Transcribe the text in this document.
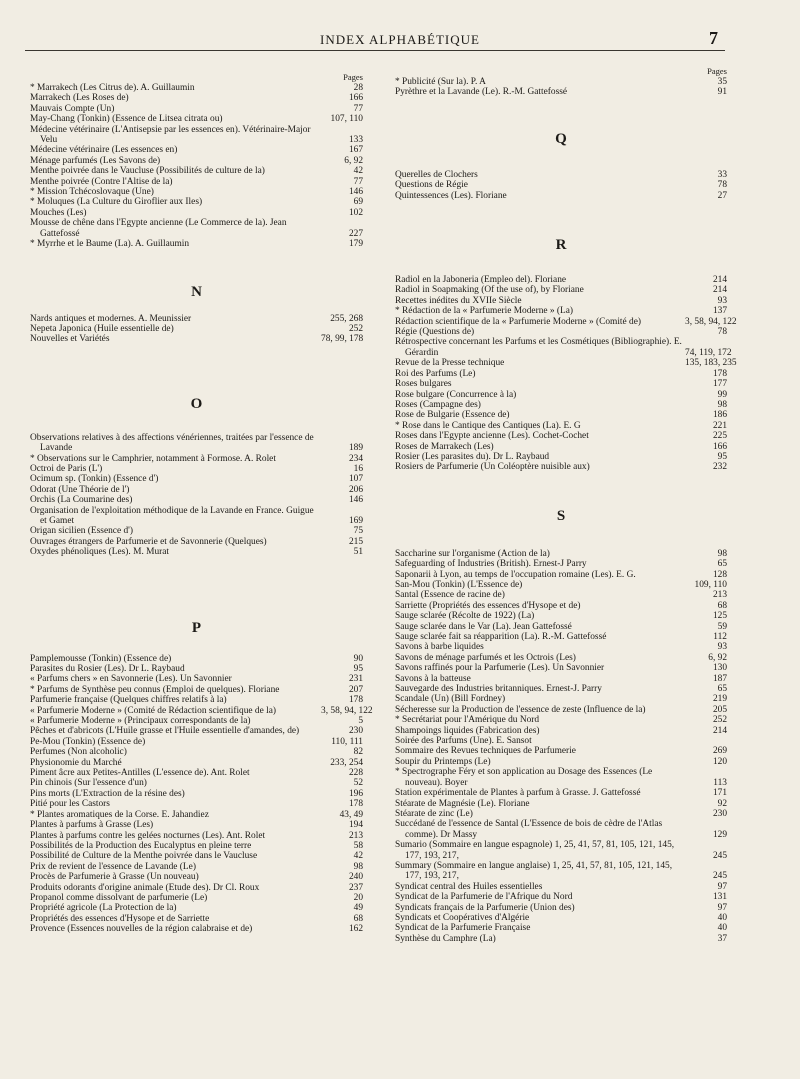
INDEX ALPHABÉTIQUE	7
Pages
* Marrakech (Les Citrus de). A. Guillaumin	28
Marrakech (Les Roses de)	166
Mauvais Compte (Un)	77
May-Chang (Tonkin) (Essence de Litsea citrata ou)	107, 110
Médecine vétérinaire (L'Antisepsie par les essences en). Vétérinaire-Major Velu	133
Médecine vétérinaire (Les essences en)	167
Ménage parfumés (Les Savons de)	6, 92
Menthe poivrée dans le Vaucluse (Possibilités de culture de la)	42
Menthe poivrée (Contre l'Altise de la)	77
* Mission Tchécoslovaque (Une)	146
* Moluques (La Culture du Giroflier aux Iles)	69
Mouches (Les)	102
Mousse de chêne dans l'Egypte ancienne (Le Commerce de la). Jean Gattefossé	227
* Myrrhe et le Baume (La). A. Guillaumin	179
N
Nards antiques et modernes. A. Meunissier	255, 268
Nepeta Japonica (Huile essentielle de)	252
Nouvelles et Variétés	78, 99, 178
O
Observations relatives à des affections vénériennes, traitées par l'essence de Lavande	189
* Observations sur le Camphrier, notamment à Formose. A. Rolet	234
Octroi de Paris (L')	16
Ocimum sp. (Tonkin) (Essence d')	107
Odorat (Une Théorie de l')	206
Orchis (La Coumarine des)	146
Organisation de l'exploitation méthodique de la Lavande en France. Guigue et Gamet	169
Origan sicilien (Essence d')	75
Ouvrages étrangers de Parfumerie et de Savonnerie (Quelques)	215
Oxydes phénoliques (Les). M. Murat	51
P
Pamplemousse (Tonkin) (Essence de)	90
Parasites du Rosier (Les). Dr L. Raybaud	95
« Parfums chers » en Savonnerie (Les). Un Savonnier	231
* Parfums de Synthèse peu connus (Emploi de quelques). Floriane	207
Parfumerie française (Quelques chiffres relatifs à la)	178
« Parfumerie Moderne » (Comité de Rédaction scientifique de la)	3, 58, 94, 122
« Parfumerie Moderne » (Principaux correspondants de la)	5
Pêches et d'abricots (L'Huile grasse et l'Huile essentielle d'amandes, de)	230
Pe-Mou (Tonkin) (Essence de)	110, 111
Perfumes (Non alcoholic)	82
Physionomie du Marché	233, 254
Piment âcre aux Petites-Antilles (L'essence de). Ant. Rolet	228
Pin chinois (Sur l'essence d'un)	52
Pins morts (L'Extraction de la résine des)	196
Pitié pour les Castors	178
* Plantes aromatiques de la Corse. E. Jahandiez	43, 49
Plantes à parfums à Grasse (Les)	194
Plantes à parfums contre les gelées nocturnes (Les). Ant. Rolet	213
Possibilités de la Production des Eucalyptus en pleine terre	58
Possibilité de Culture de la Menthe poivrée dans le Vaucluse	42
Prix de revient de l'essence de Lavande (Le)	98
Procès de Parfumerie à Grasse (Un nouveau)	240
Produits odorants d'origine animale (Etude des). Dr Cl. Roux	237
Propanol comme dissolvant de parfumerie (Le)	20
Propriété agricole (La Protection de la)	49
Propriétés des essences d'Hysope et de Sarriette	68
Provence (Essences nouvelles de la région calabraise et de)	162
Pages
* Publicité (Sur la). P. A	35
Pyrèthre et la Lavande (Le). R.-M. Gattefossé	91
Q
Querelles de Clochers	33
Questions de Régie	78
Quintessences (Les). Floriane	27
R
Radiol en la Jaboneria (Empleo del). Floriane	214
Radiol in Soapmaking (Of the use of), by Floriane	214
Recettes inédites du XVIIe Siècle	93
* Rédaction de la « Parfumerie Moderne » (La)	137
Rédaction scientifique de la « Parfumerie Moderne » (Comité de)	3, 58, 94, 122
Régie (Questions de)	78
Rétrospective concernant les Parfums et les Cosmétiques (Bibliographie). E. Gérardin	74, 119, 172
Revue de la Presse technique	135, 183, 235
Roi des Parfums (Le)	178
Roses bulgares	177
Rose bulgare (Concurrence à la)	99
Roses (Campagne des)	98
Rose de Bulgarie (Essence de)	186
* Rose dans le Cantique des Cantiques (La). E. G	221
Roses dans l'Egypte ancienne (Les). Cochet-Cochet	225
Roses de Marrakech (Les)	166
Rosier (Les parasites du). Dr L. Raybaud	95
Rosiers de Parfumerie (Un Coléoptère nuisible aux)	232
S
Saccharine sur l'organisme (Action de la)	98
Safeguarding of Industries (British). Ernest-J Parry	65
Saponarii à Lyon, au temps de l'occupation romaine (Les). E. G.	128
San-Mou (Tonkin) (L'Essence de)	109, 110
Santal (Essence de racine de)	213
Sarriette (Propriétés des essences d'Hysope et de)	68
Sauge sclarée (Récolte de 1922) (La)	125
Sauge sclarée dans le Var (La). Jean Gattefossé	59
Sauge sclarée fait sa réapparition (La). R.-M. Gattefossé	112
Savons à barbe liquides	93
Savons de ménage parfumés et les Octrois (Les)	6, 92
Savons raffinés pour la Parfumerie (Les). Un Savonnier	130
Savons à la batteuse	187
Sauvegarde des Industries britanniques. Ernest-J. Parry	65
Scandale (Un) (Bill Fordney)	219
Sécheresse sur la Production de l'essence de zeste (Influence de la)	205
* Secrétariat pour l'Amérique du Nord	252
Shampoings liquides (Fabrication des)	214
Soirée des Parfums (Une). E. Sansot
Sommaire des Revues techniques de Parfumerie	269
Soupir du Printemps (Le)	120
* Spectrographe Féry et son application au Dosage des Essences (Le nouveau). Boyer	113
Station expérimentale de Plantes à parfum à Grasse. J. Gattefossé	171
Stéarate de Magnésie (Le). Floriane	92
Stéarate de zinc (Le)	230
Succédané de l'essence de Santal (L'Essence de bois de cèdre de l'Atlas comme). Dr Massy	129
Sumario (Sommaire en langue espagnole) 1, 25, 41, 57, 81, 105, 121, 145, 177, 193, 217,	245
Summary (Sommaire en langue anglaise) 1, 25, 41, 57, 81, 105, 121, 145, 177, 193, 217,	245
Syndicat central des Huiles essentielles	97
Syndicat de la Parfumerie de l'Afrique du Nord	131
Syndicats français de la Parfumerie (Union des)	97
Syndicats et Coopératives d'Algérie	40
Syndicat de la Parfumerie Française	40
Synthèse du Camphre (La)	37
